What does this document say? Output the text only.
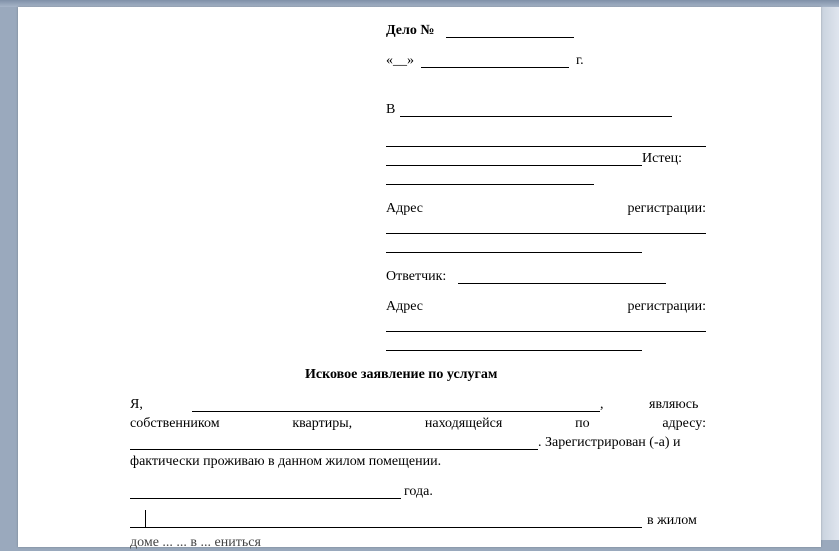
Дело №
«__»	г.
В
Истец:
Адрес	регистрации:
Ответчик:
Адрес	регистрации:
Исковое заявление по услугам
Я,	,	являюсь
собственником	квартиры,	находящейся	по	адресу:
. Зарегистрирован (-а) и
фактически проживаю в данном жилом помещении.
года.
в жилом
доме ... ... в ... ениться
